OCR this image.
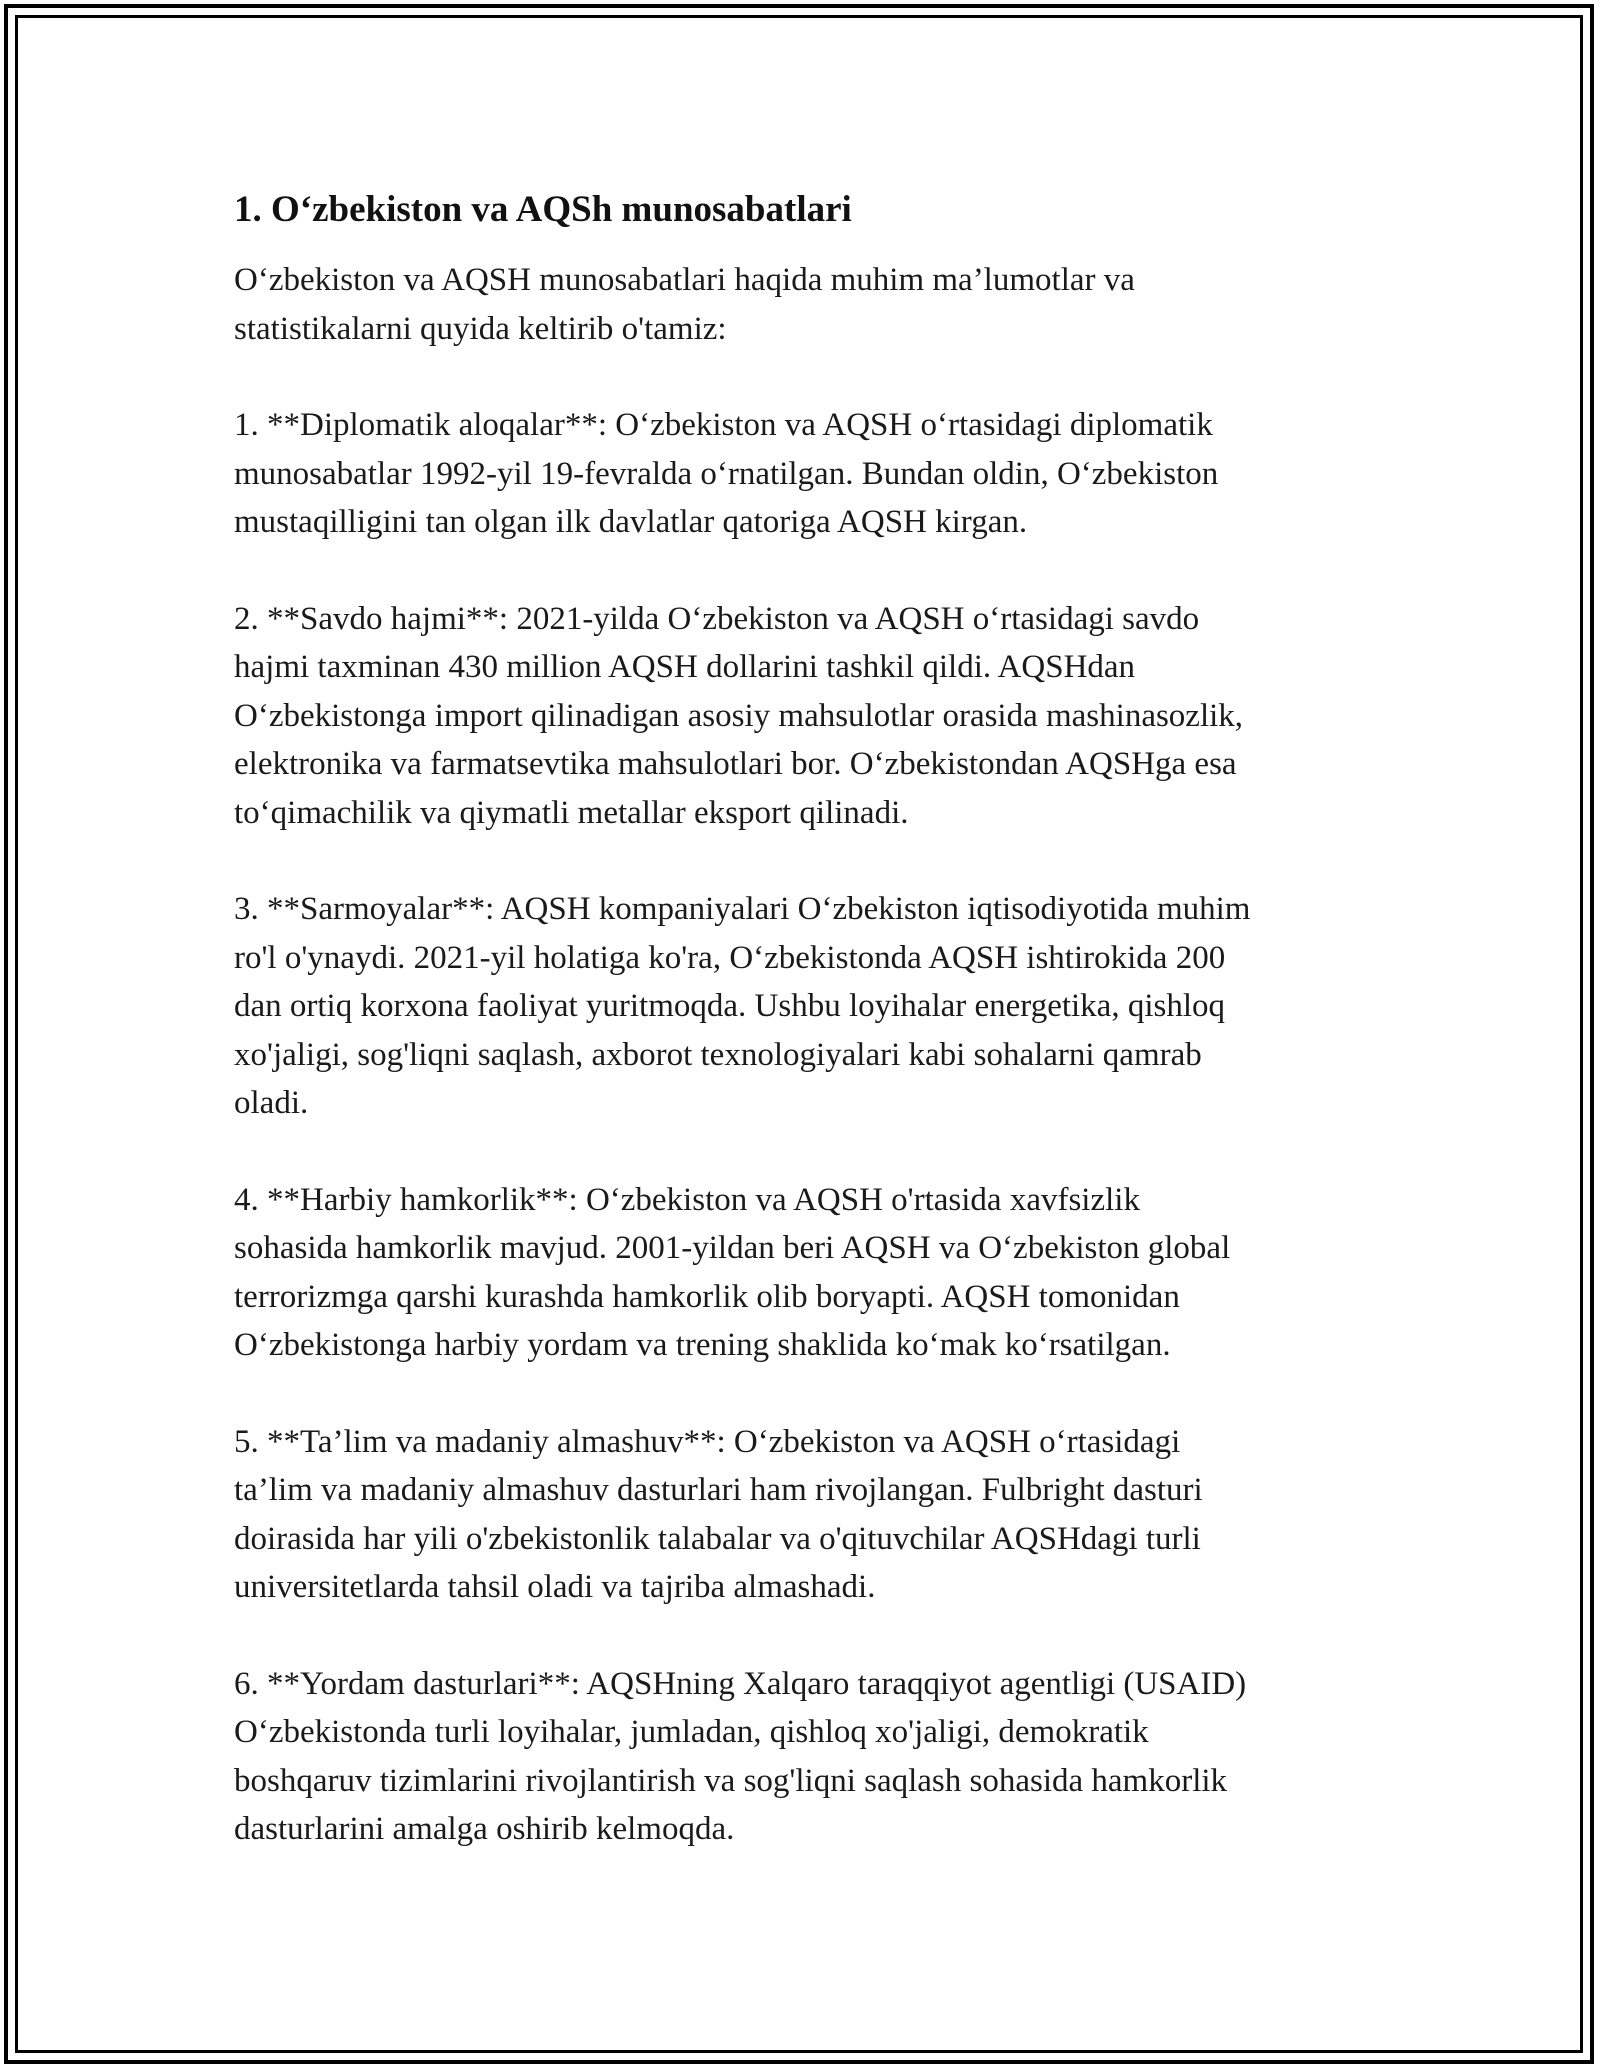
1. O‘zbekiston va AQSh munosabatlari

O‘zbekiston va AQSH munosabatlari haqida muhim ma’lumotlar va
statistikalarni quyida keltirib o'tamiz:

1. **Diplomatik aloqalar**: O‘zbekiston va AQSH o‘rtasidagi diplomatik
munosabatlar 1992-yil 19-fevralda o‘rnatilgan. Bundan oldin, O‘zbekiston
mustaqilligini tan olgan ilk davlatlar qatoriga AQSH kirgan.

2. **Savdo hajmi**: 2021-yilda O‘zbekiston va AQSH o‘rtasidagi savdo
hajmi taxminan 430 million AQSH dollarini tashkil qildi. AQSHdan
O‘zbekistonga import qilinadigan asosiy mahsulotlar orasida mashinasozlik,
elektronika va farmatsevtika mahsulotlari bor. O‘zbekistondan AQSHga esa
to‘qimachilik va qiymatli metallar eksport qilinadi.

3. **Sarmoyalar**: AQSH kompaniyalari O‘zbekiston iqtisodiyotida muhim
ro'l o'ynaydi. 2021-yil holatiga ko'ra, O‘zbekistonda AQSH ishtirokida 200
dan ortiq korxona faoliyat yuritmoqda. Ushbu loyihalar energetika, qishloq
xo'jaligi, sog'liqni saqlash, axborot texnologiyalari kabi sohalarni qamrab
oladi.

4. **Harbiy hamkorlik**: O‘zbekiston va AQSH o'rtasida xavfsizlik
sohasida hamkorlik mavjud. 2001-yildan beri AQSH va O‘zbekiston global
terrorizmga qarshi kurashda hamkorlik olib boryapti. AQSH tomonidan
O‘zbekistonga harbiy yordam va trening shaklida ko‘mak ko‘rsatilgan.

5. **Ta’lim va madaniy almashuv**: O‘zbekiston va AQSH o‘rtasidagi
ta’lim va madaniy almashuv dasturlari ham rivojlangan. Fulbright dasturi
doirasida har yili o'zbekistonlik talabalar va o'qituvchilar AQSHdagi turli
universitetlarda tahsil oladi va tajriba almashadi.

6. **Yordam dasturlari**: AQSHning Xalqaro taraqqiyot agentligi (USAID)
O‘zbekistonda turli loyihalar, jumladan, qishloq xo'jaligi, demokratik
boshqaruv tizimlarini rivojlantirish va sog'liqni saqlash sohasida hamkorlik
dasturlarini amalga oshirib kelmoqda.
